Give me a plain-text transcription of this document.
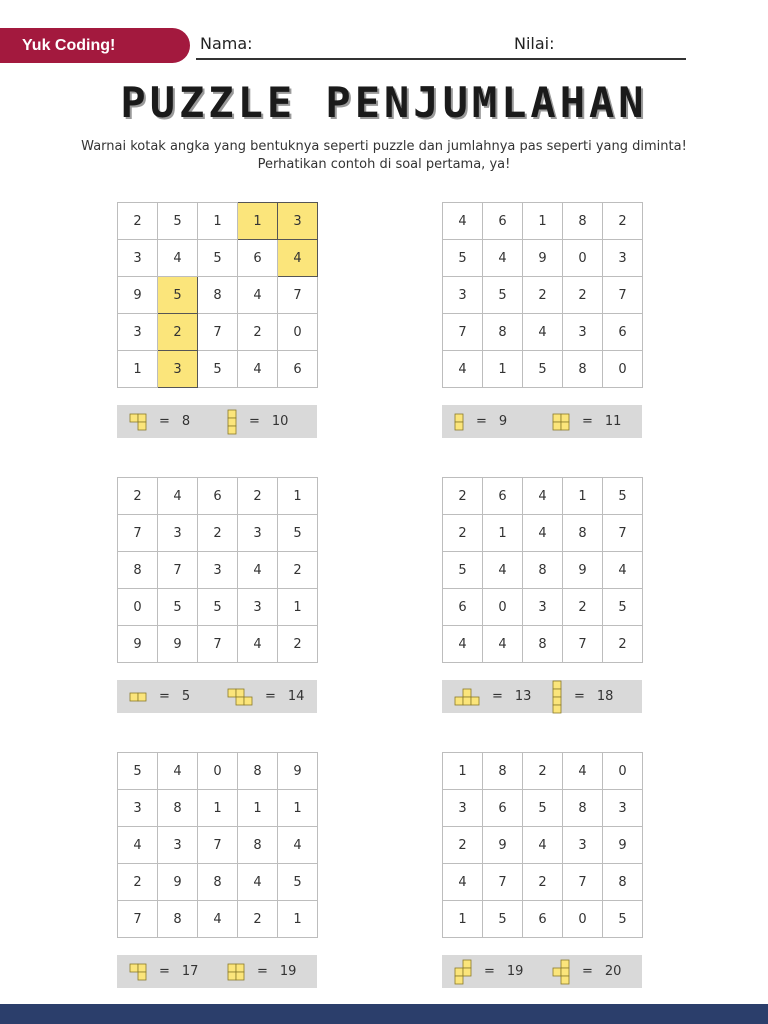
Yuk Coding!	Nama:	Nilai:
PUZZLE PENJUMLAHAN
Warnai kotak angka yang bentuknya seperti puzzle dan jumlahnya pas seperti yang diminta!
Perhatikan contoh di soal pertama, ya!
2	5	1	1	3
3	4	5	6	4
9	5	8	4	7
3	2	7	2	0
1	3	5	4	6
= 8	= 10
4	6	1	8	2
5	4	9	0	3
3	5	2	2	7
7	8	4	3	6
4	1	5	8	0
= 9	= 11
2	4	6	2	1
7	3	2	3	5
8	7	3	4	2
0	5	5	3	1
9	9	7	4	2
= 5	= 14
2	6	4	1	5
2	1	4	8	7
5	4	8	9	4
6	0	3	2	5
4	4	8	7	2
= 13	= 18
5	4	0	8	9
3	8	1	1	1
4	3	7	8	4
2	9	8	4	5
7	8	4	2	1
= 17	= 19
1	8	2	4	0
3	6	5	8	3
2	9	4	3	9
4	7	2	7	8
1	5	6	0	5
= 19	= 20
